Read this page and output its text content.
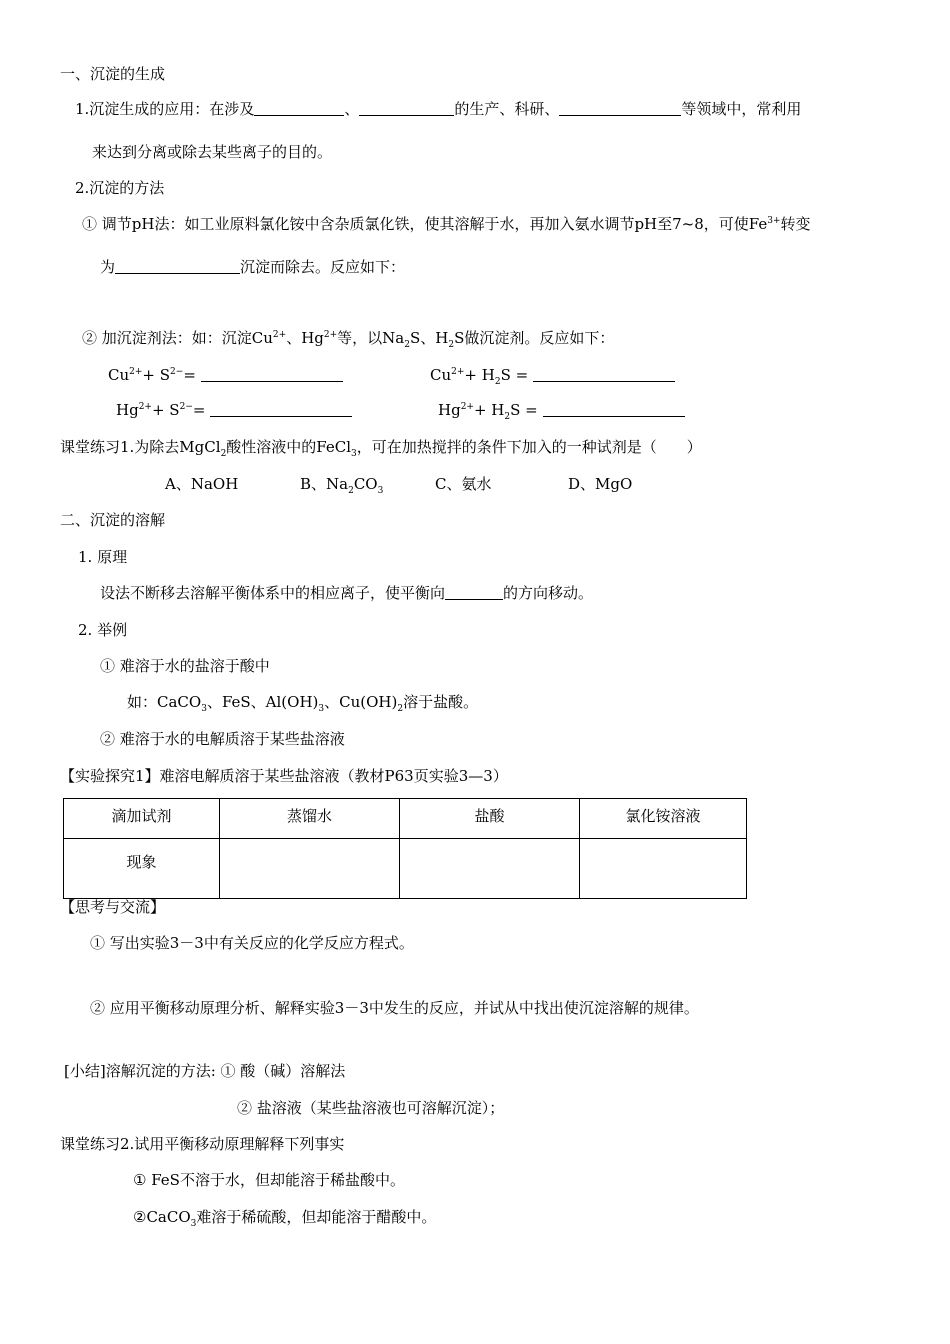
一、沉淀的生成
1.沉淀生成的应用：在涉及	、	的生产、科研、	等领域中，常利用
来达到分离或除去某些离子的目的。
2.沉淀的方法
① 调节pH法：如工业原料氯化铵中含杂质氯化铁，使其溶解于水，再加入氨水调节pH至7~8，可使$Fe^{3+}$转变
为	沉淀而除去。反应如下：
② 加沉淀剂法：如：沉淀$Cu^{2+}$、$Hg^{2+}$等，以$Na_2S$、$H_2S$做沉淀剂。反应如下：
$Cu^{2+}+ S^{2-}=$	$Cu^{2+}+ H_2S$ =
$Hg^{2+}+ S^{2-}=$	$Hg^{2+}+ H_2S$ =
课堂练习1.为除去MgCl$_2$酸性溶液中的FeCl$_3$，可在加热搅拌的条件下加入的一种试剂是（　　）
A、NaOH	B、$Na_2CO_3$	C、氨水	D、MgO
二、沉淀的溶解
1. 原理
设法不断移去溶解平衡体系中的相应离子，使平衡向	的方向移动。
2. 举例
① 难溶于水的盐溶于酸中
如：CaCO$_3$、FeS、$Al(OH)_3$、$Cu(OH)_2$溶于盐酸。
② 难溶于水的电解质溶于某些盐溶液
【实验探究1】难溶电解质溶于某些盐溶液（教材P63页实验3—3）
滴加试剂	蒸馏水	盐酸	氯化铵溶液
现象			
【思考与交流】
① 写出实验3－3中有关反应的化学反应方程式。
② 应用平衡移动原理分析、解释实验3－3中发生的反应，并试从中找出使沉淀溶解的规律。
[小结]溶解沉淀的方法: ① 酸（碱）溶解法
② 盐溶液（某些盐溶液也可溶解沉淀）；
课堂练习2.试用平衡移动原理解释下列事实
① FeS不溶于水，但却能溶于稀盐酸中。
②CaCO$_3$难溶于稀硫酸，但却能溶于醋酸中。
